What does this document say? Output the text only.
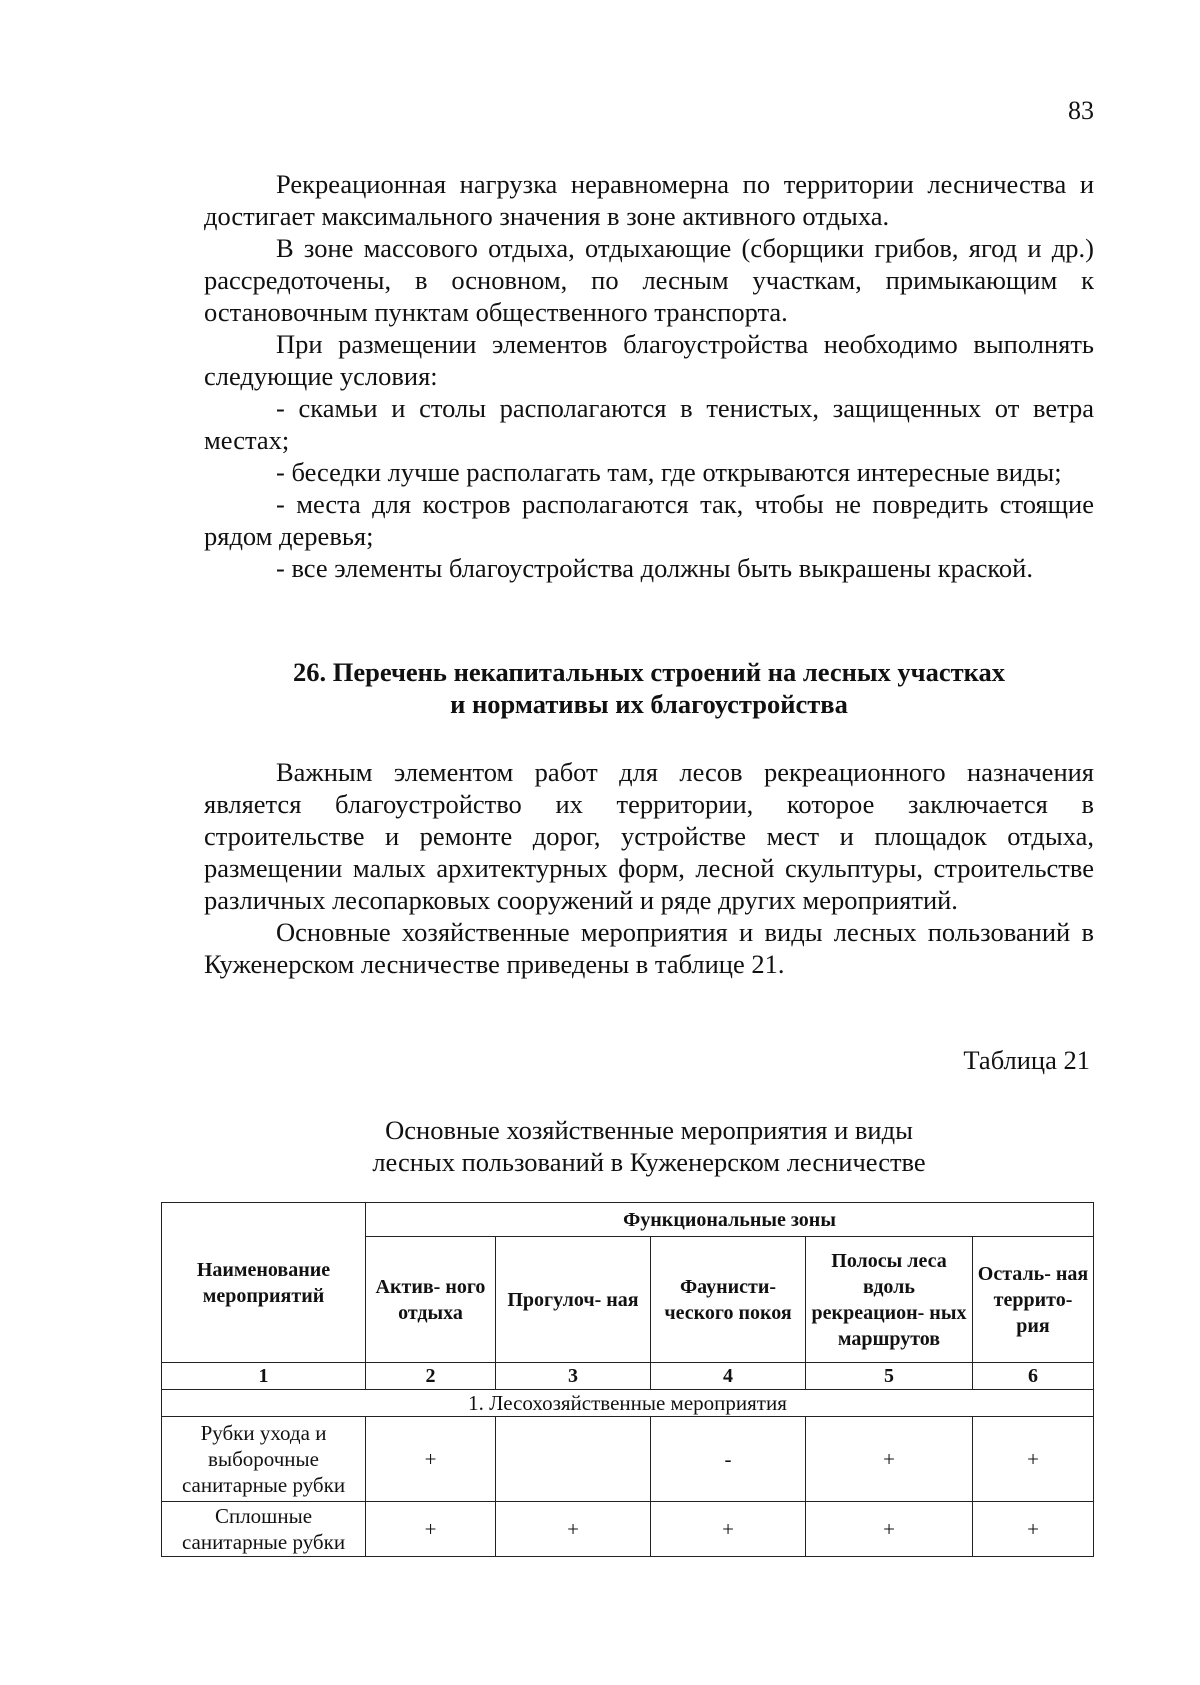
83

Рекреационная нагрузка неравномерна по территории лесничества и достигает максимального значения в зоне активного отдыха.

В зоне массового отдыха, отдыхающие (сборщики грибов, ягод и др.) рассредоточены, в основном, по лесным участкам, примыкающим к остановочным пунктам общественного транспорта.

При размещении элементов благоустройства необходимо выполнять следующие условия:

- скамьи и столы располагаются в тенистых, защищенных от ветра местах;

- беседки лучше располагать там, где открываются интересные виды;

- места для костров располагаются так, чтобы не повредить стоящие рядом деревья;

- все элементы благоустройства должны быть выкрашены краской.

26. Перечень некапитальных строений на лесных участках
и нормативы их благоустройства

Важным элементом работ для лесов рекреационного назначения является благоустройство их территории, которое заключается в строительстве и ремонте дорог, устройстве мест и площадок отдыха, размещении малых архитектурных форм, лесной скульптуры, строительстве различных лесопарковых сооружений и ряде других мероприятий.

Основные хозяйственные мероприятия и виды лесных пользований в Куженерском лесничестве приведены в таблице 21.

Таблица 21
Основные хозяйственные мероприятия и виды
лесных пользований в Куженерском лесничестве
Наименование мероприятий	Функциональные зоны				
	Актив- ного отдыха	Прогулоч- ная	Фаунисти- ческого покоя	Полосы леса вдоль рекреацион- ных маршрутов	Осталь- ная террито- рия
1	2	3	4	5	6
1. Лесохозяйственные мероприятия					
Рубки ухода и выборочные санитарные рубки	+		-	+	+
Сплошные санитарные рубки	+	+	+	+	+
